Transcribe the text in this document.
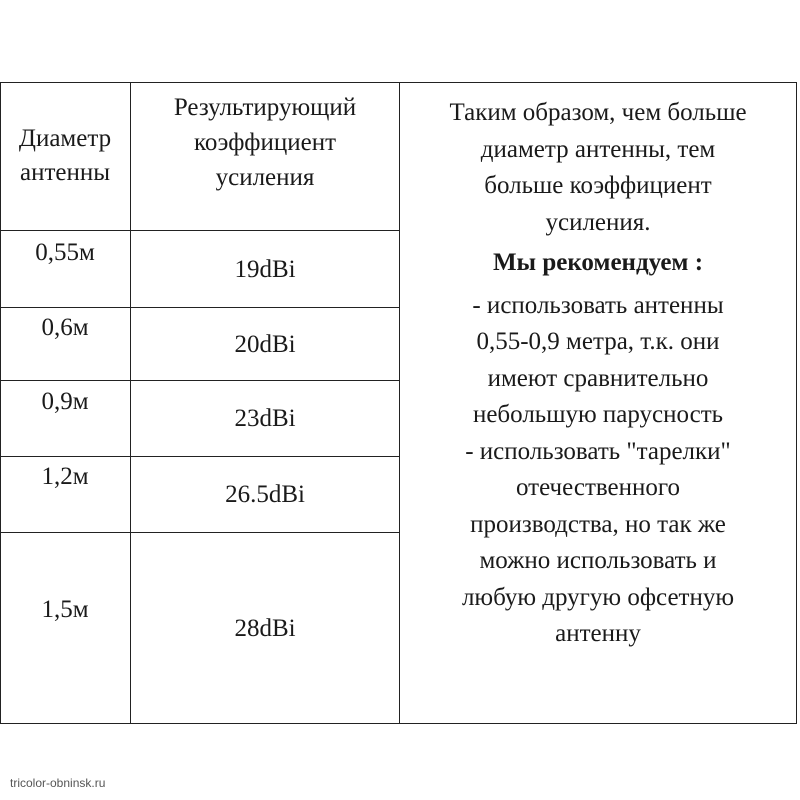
Диаметр
антенны
Результирующий
коэффициент
усиления
0,55м
19dBi
0,6м
20dBi
0,9м
23dBi
1,2м
26.5dBi
1,5м
28dBi
Таким образом, чем больше
диаметр антенны, тем
больше коэффициент
усиления.
Мы рекомендуем :
- использовать антенны
0,55-0,9 метра, т.к. они
имеют сравнительно
небольшую парусность
- использовать "тарелки"
отечественного
производства, но так же
можно использовать и
любую другую офсетную
антенну
tricolor-obninsk.ru
